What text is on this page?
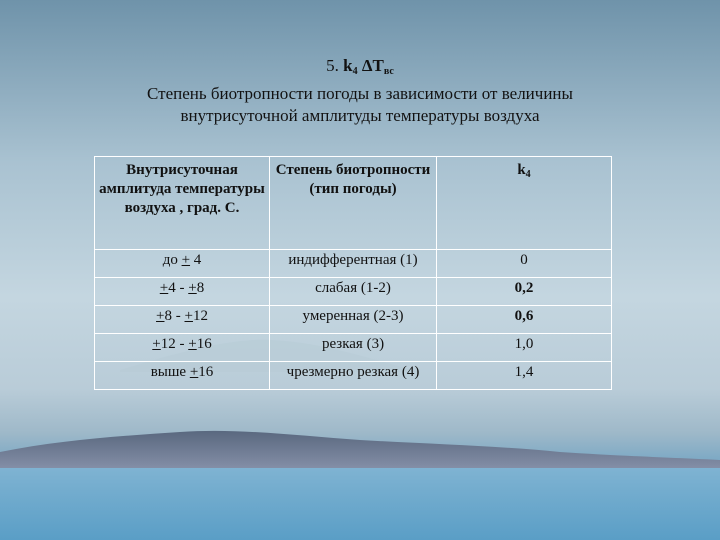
5. $k_4$ $\Delta T_{вс}$
Степень биотропности погоды в зависимости от величины
внутрисуточной амплитуды температуры воздуха
Внутрисуточная амплитуда температуры воздуха , град. С.	Степень биотропности (тип погоды)	$k_4$
до + 4	индифферентная (1)	0
+4 - +8	слабая (1-2)	0,2
+8 - +12	умеренная (2-3)	0,6
+12 - +16	резкая (3)	1,0
выше +16	чрезмерно резкая (4)	1,4
